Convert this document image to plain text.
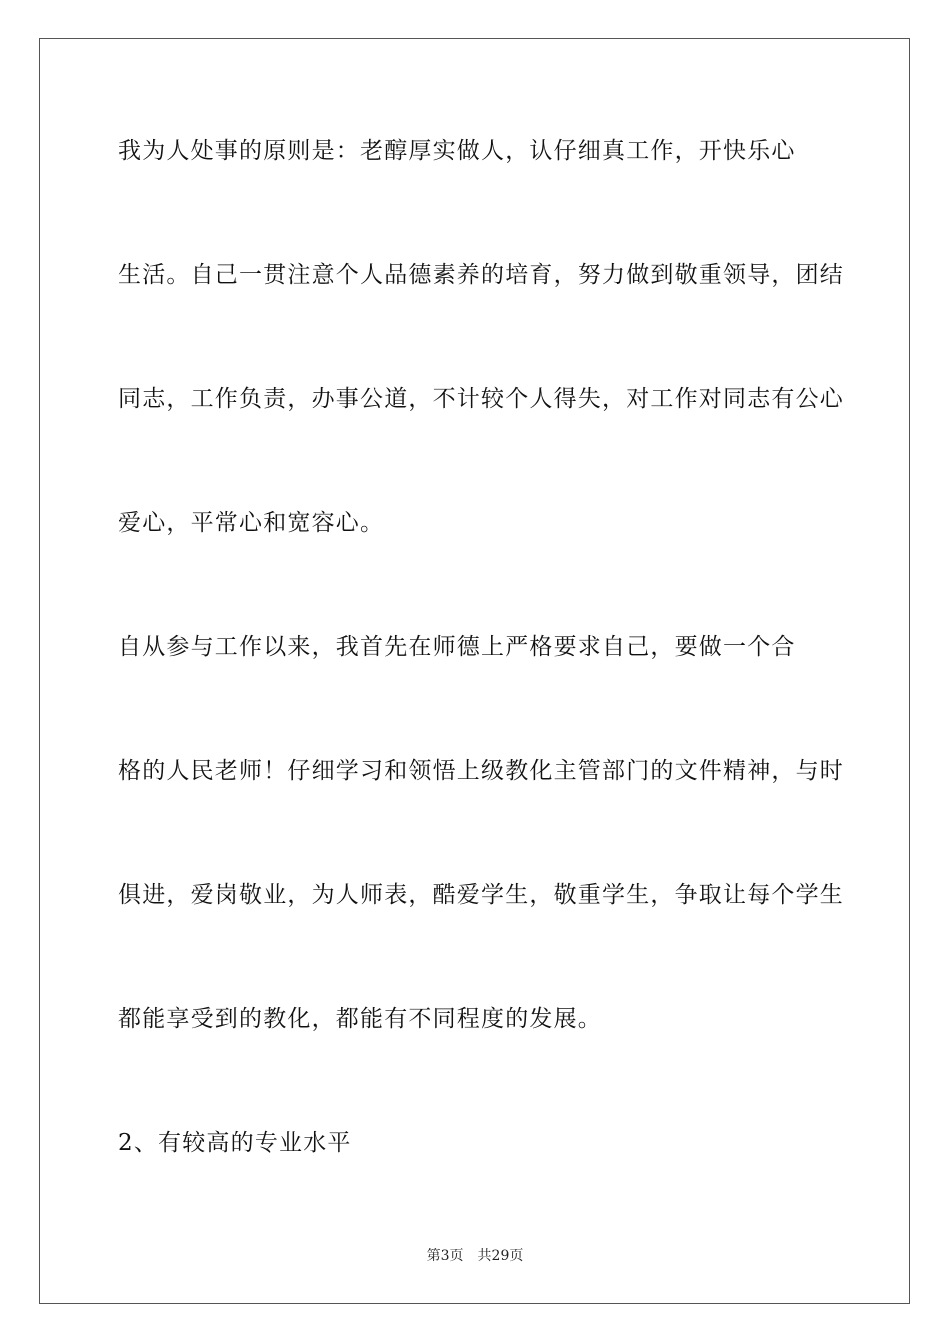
我为人处事的原则是：老醇厚实做人，认仔细真工作，开快乐心

生活。自己一贯注意个人品德素养的培育，努力做到敬重领导，团结

同志，工作负责，办事公道，不计较个人得失，对工作对同志有公心

爱心，平常心和宽容心。

自从参与工作以来，我首先在师德上严格要求自己，要做一个合

格的人民老师！仔细学习和领悟上级教化主管部门的文件精神，与时

俱进，爱岗敬业，为人师表，酷爱学生，敬重学生，争取让每个学生

都能享受到的教化，都能有不同程度的发展。

2、有较高的专业水平

第3页 共29页
